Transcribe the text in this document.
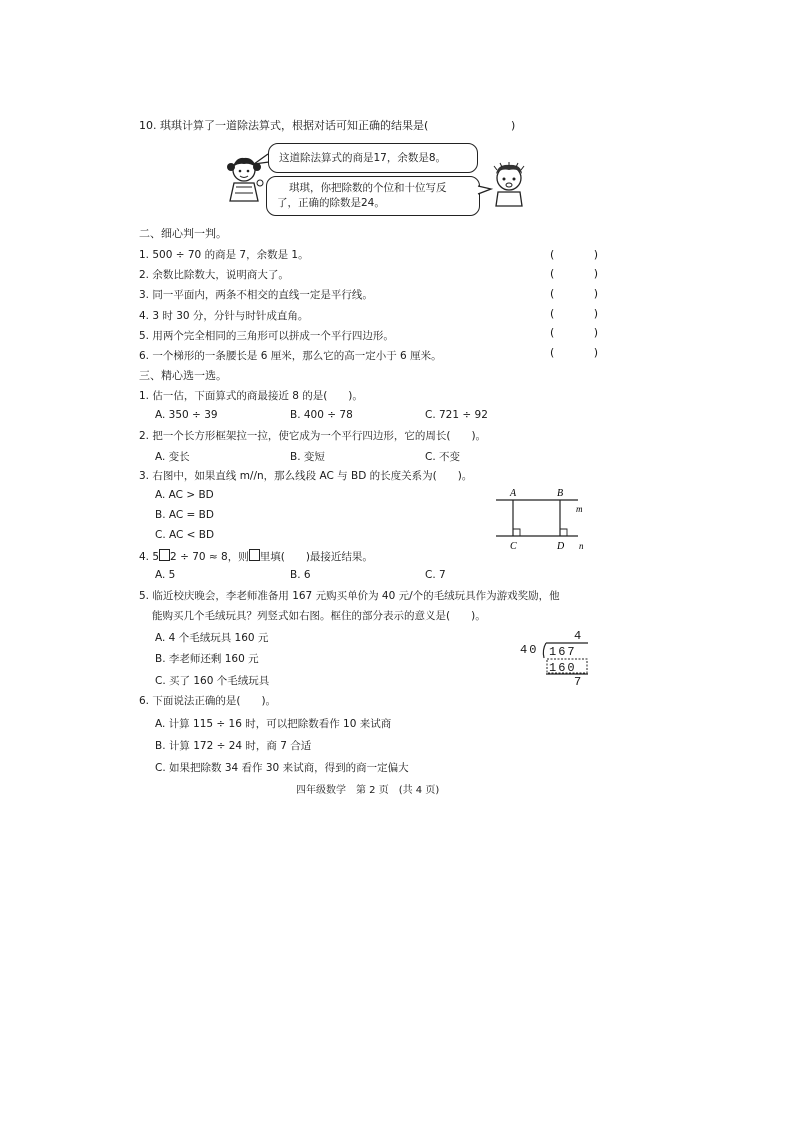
10. 琪琪计算了一道除法算式，根据对话可知正确的结果是(	)
这道除法算式的商是17，余数是8。
琪琪，你把除数的个位和十位写反
了，正确的除数是24。
二、细心判一判。
1. 500 ÷ 70 的商是 7，余数是 1。	( )
2. 余数比除数大，说明商大了。	( )
3. 同一平面内，两条不相交的直线一定是平行线。	( )
4. 3 时 30 分，分针与时针成直角。	( )
5. 用两个完全相同的三角形可以拼成一个平行四边形。	( )
6. 一个梯形的一条腰长是 6 厘米，那么它的高一定小于 6 厘米。	( )
三、精心选一选。
1. 估一估，下面算式的商最接近 8 的是(　　)。
A. 350 ÷ 39	B. 400 ÷ 78	C. 721 ÷ 92
2. 把一个长方形框架拉一拉，使它成为一个平行四边形，它的周长(　　)。
A. 变长	B. 变短	C. 不变
3. 右图中，如果直线 m//n，那么线段 AC 与 BD 的长度关系为(　　)。
A. AC > BD
B. AC = BD
C. AC < BD
A	B
C	D
m
n
4. 5 2 ÷ 70 ≈ 8，则 里填(　　)最接近结果。
A. 5	B. 6	C. 7
5. 临近校庆晚会，李老师准备用 167 元购买单价为 40 元/个的毛绒玩具作为游戏奖励，他
能购买几个毛绒玩具？列竖式如右图。框住的部分表示的意义是(　　)。
A. 4 个毛绒玩具 160 元
B. 李老师还剩 160 元
C. 买了 160 个毛绒玩具
4
40 167
160
7
6. 下面说法正确的是(　　)。
A. 计算 115 ÷ 16 时，可以把除数看作 10 来试商
B. 计算 172 ÷ 24 时，商 7 合适
C. 如果把除数 34 看作 30 来试商，得到的商一定偏大
四年级数学　第 2 页　(共 4 页)
